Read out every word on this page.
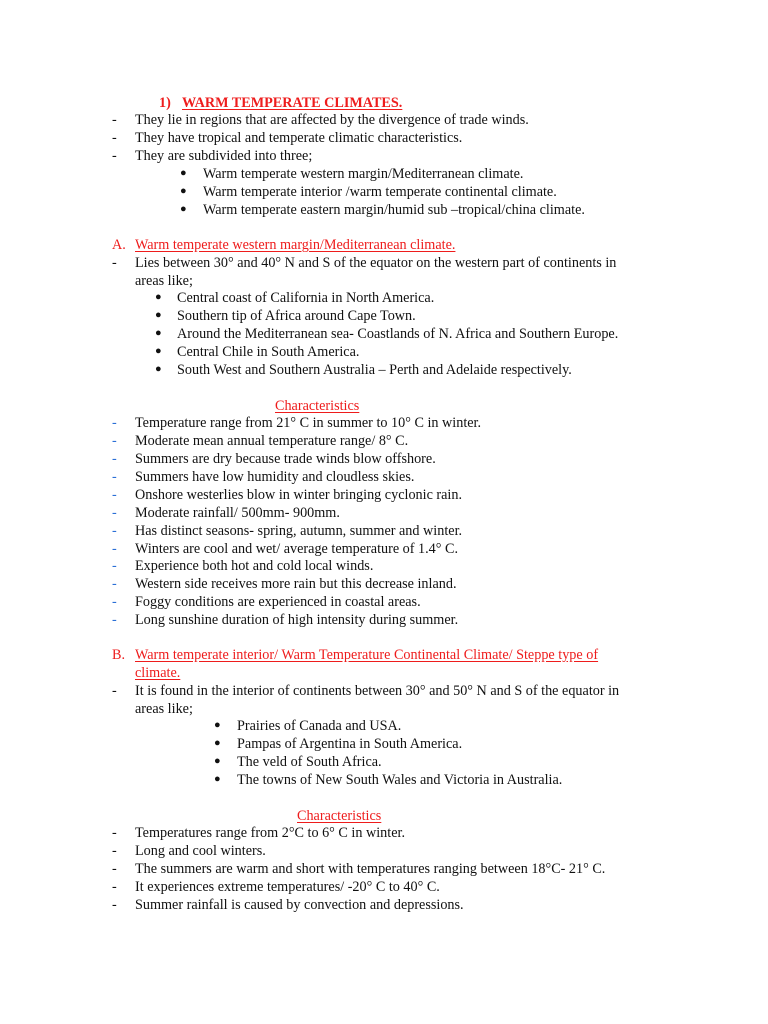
1) WARM TEMPERATE CLIMATES.
- They lie in regions that are affected by the divergence of trade winds.
- They have tropical and temperate climatic characteristics.
- They are subdivided into three;
● Warm temperate western margin/Mediterranean climate.
● Warm temperate interior /warm temperate continental climate.
● Warm temperate eastern margin/humid sub –tropical/china climate.
A. Warm temperate western margin/Mediterranean climate.
- Lies between 30° and 40° N and S of the equator on the western part of continents in
areas like;
● Central coast of California in North America.
● Southern tip of Africa around Cape Town.
● Around the Mediterranean sea- Coastlands of N. Africa and Southern Europe.
● Central Chile in South America.
● South West and Southern Australia – Perth and Adelaide respectively.
Characteristics
- Temperature range from 21° C in summer to 10° C in winter.
- Moderate mean annual temperature range/ 8° C.
- Summers are dry because trade winds blow offshore.
- Summers have low humidity and cloudless skies.
- Onshore westerlies blow in winter bringing cyclonic rain.
- Moderate rainfall/ 500mm- 900mm.
- Has distinct seasons- spring, autumn, summer and winter.
- Winters are cool and wet/ average temperature of 1.4° C.
- Experience both hot and cold local winds.
- Western side receives more rain but this decrease inland.
- Foggy conditions are experienced in coastal areas.
- Long sunshine duration of high intensity during summer.
B. Warm temperate interior/ Warm Temperature Continental Climate/ Steppe type of
climate.
- It is found in the interior of continents between 30° and 50° N and S of the equator in
areas like;
● Prairies of Canada and USA.
● Pampas of Argentina in South America.
● The veld of South Africa.
● The towns of New South Wales and Victoria in Australia.
Characteristics
- Temperatures range from 2°C to 6° C in winter.
- Long and cool winters.
- The summers are warm and short with temperatures ranging between 18°C- 21° C.
- It experiences extreme temperatures/ -20° C to 40° C.
- Summer rainfall is caused by convection and depressions.
